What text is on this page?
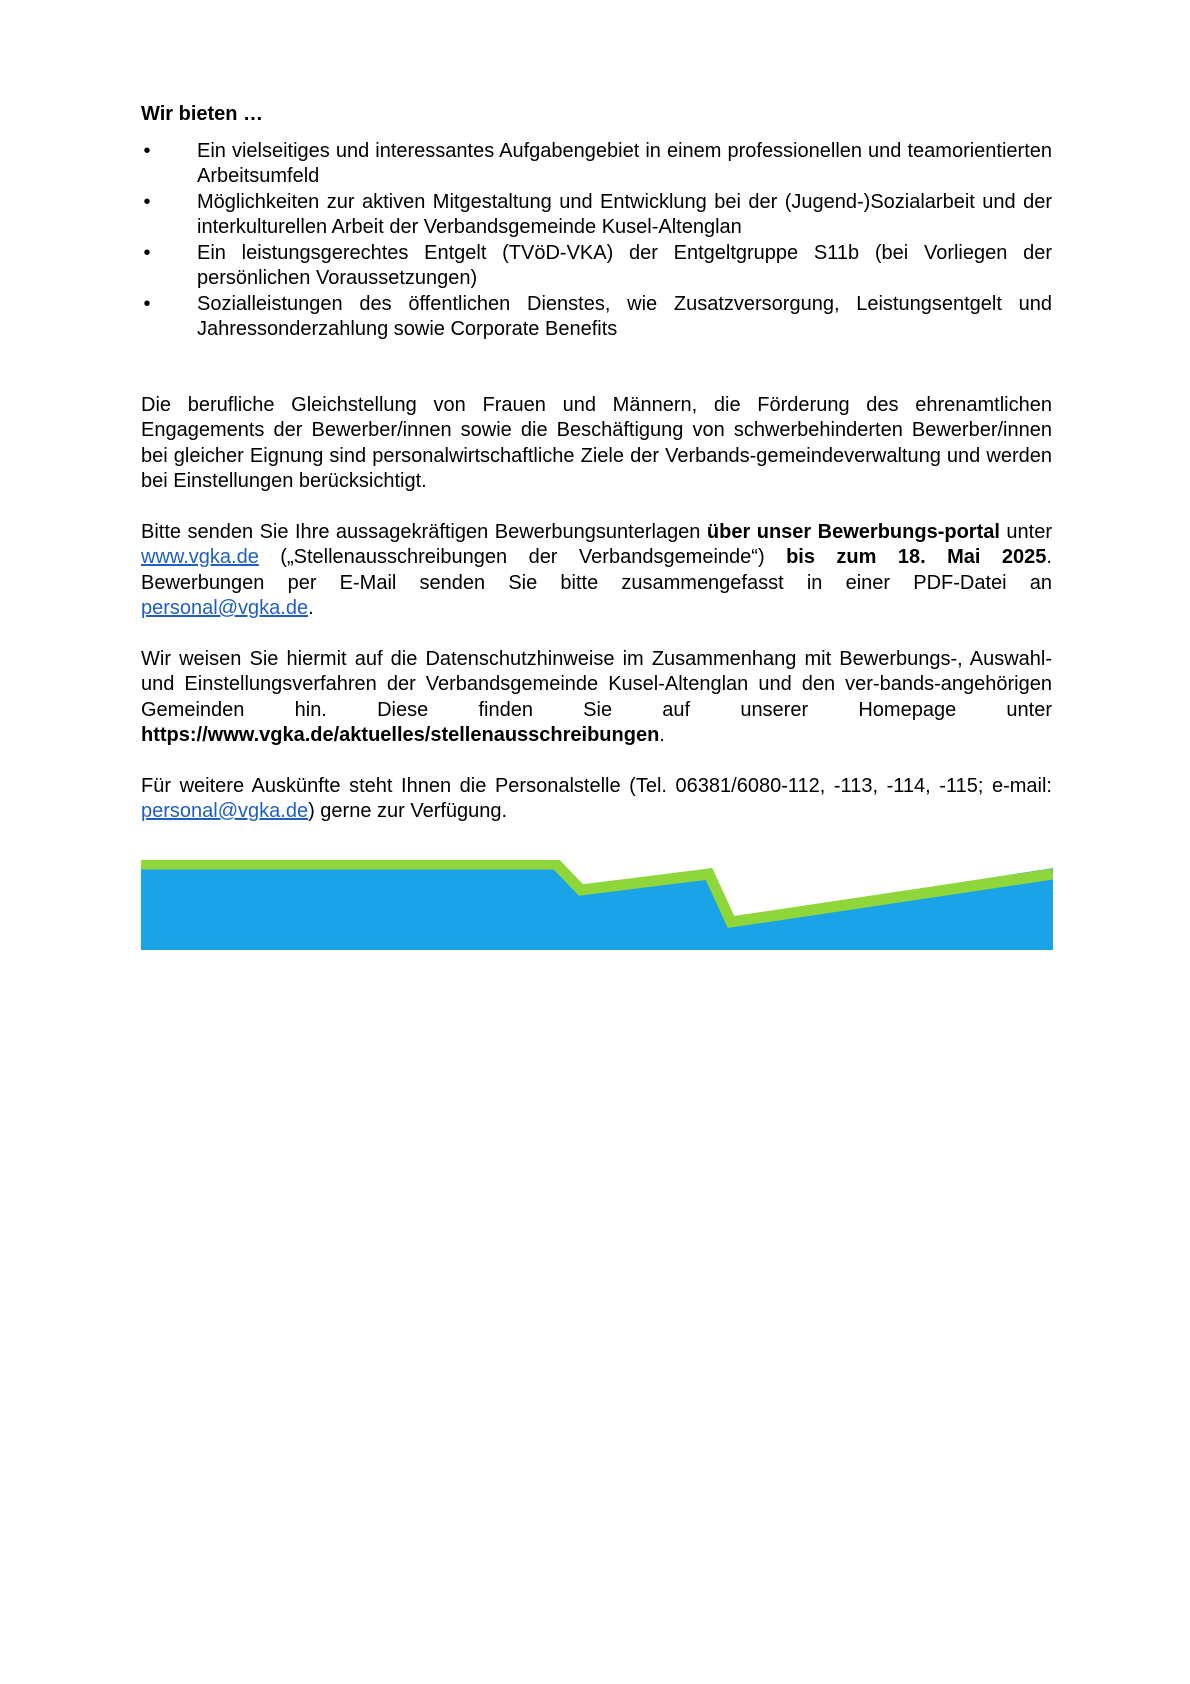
Wir bieten …
• Ein vielseitiges und interessantes Aufgabengebiet in einem professionellen und teamorientierten Arbeitsumfeld
• Möglichkeiten zur aktiven Mitgestaltung und Entwicklung bei der (Jugend-)Sozialarbeit und der interkulturellen Arbeit der Verbandsgemeinde Kusel-Altenglan
• Ein leistungsgerechtes Entgelt (TVöD-VKA) der Entgeltgruppe S11b (bei Vorliegen der persönlichen Voraussetzungen)
• Sozialleistungen des öffentlichen Dienstes, wie Zusatzversorgung, Leistungsentgelt und Jahressonderzahlung sowie Corporate Benefits

Die berufliche Gleichstellung von Frauen und Männern, die Förderung des ehrenamtlichen Engagements der Bewerber/innen sowie die Beschäftigung von schwerbehinderten Bewerber/innen bei gleicher Eignung sind personalwirtschaftliche Ziele der Verbands-gemeindeverwaltung und werden bei Einstellungen berücksichtigt.

Bitte senden Sie Ihre aussagekräftigen Bewerbungsunterlagen über unser Bewerbungs-portal unter www.vgka.de („Stellenausschreibungen der Verbandsgemeinde“) bis zum 18. Mai 2025. Bewerbungen per E-Mail senden Sie bitte zusammengefasst in einer PDF-Datei an personal@vgka.de.

Wir weisen Sie hiermit auf die Datenschutzhinweise im Zusammenhang mit Bewerbungs-, Auswahl- und Einstellungsverfahren der Verbandsgemeinde Kusel-Altenglan und den ver-bands-angehörigen Gemeinden hin. Diese finden Sie auf unserer Homepage unter https://www.vgka.de/aktuelles/stellenausschreibungen.

Für weitere Auskünfte steht Ihnen die Personalstelle (Tel. 06381/6080-112, -113, -114, -115; e-mail: personal@vgka.de) gerne zur Verfügung.
